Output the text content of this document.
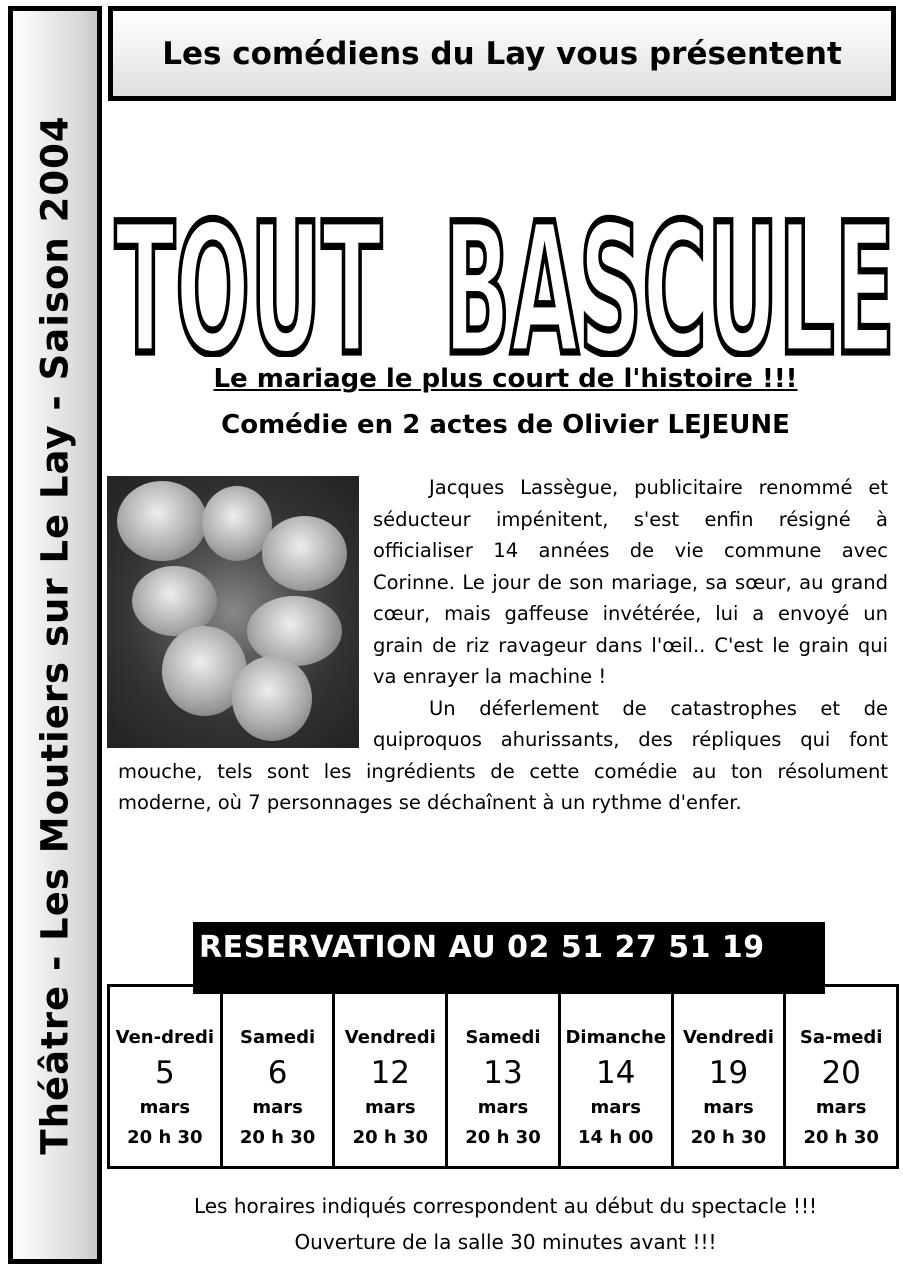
Théâtre - Les Moutiers sur Le Lay - Saison 2004
Les comédiens du Lay vous présentent
TOUT  BASCULE
Le mariage le plus court de l'histoire !!!
Comédie en 2 actes de Olivier LEJEUNE

Jacques Lassègue, publicitaire renommé et séducteur impénitent, s'est enfin résigné à officialiser 14 années de vie commune avec Corinne. Le jour de son mariage, sa sœur, au grand cœur, mais gaffeuse invétérée, lui a envoyé un grain de riz ravageur dans l'œil.. C'est le grain qui va enrayer la machine !

Un déferlement de catastrophes et de quiproquos ahurissants, des répliques qui font mouche, tels sont les ingrédients de cette comédie au ton résolument moderne, où 7 personnages se déchaînent à un rythme d'enfer.

RESERVATION AU 02 51 27 51 19
Ven-dredi
5
mars
20 h 30
Samedi
6
mars
20 h 30
Vendredi
12
mars
20 h 30
Samedi
13
mars
20 h 30
Dimanche
14
mars
14 h 00
Vendredi
19
mars
20 h 30
Sa-medi
20
mars
20 h 30
Les horaires indiqués correspondent au début du spectacle !!!
Ouverture de la salle 30 minutes avant !!!
